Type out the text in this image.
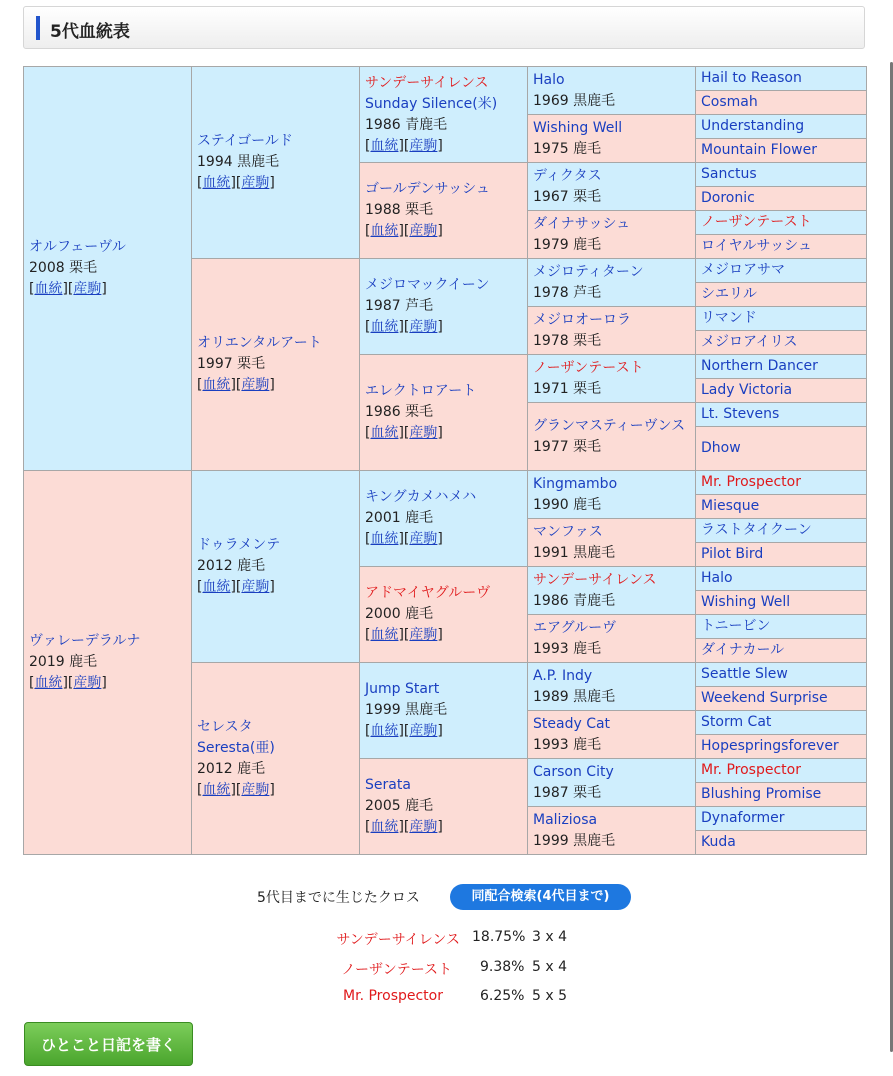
5代血統表
オルフェーヴル
2008 栗毛
[血統][産駒]	ステイゴールド
1994 黒鹿毛
[血統][産駒]	サンデーサイレンス
Sunday Silence(米)
1986 青鹿毛
[血統][産駒]	Halo
1969 黒鹿毛	Hail to Reason

				Cosmah

			Wishing Well
1975 鹿毛	Understanding

				Mountain Flower

		ゴールデンサッシュ
1988 栗毛
[血統][産駒]	ディクタス
1967 栗毛	Sanctus

				Doronic

			ダイナサッシュ
1979 鹿毛	ノーザンテースト

				ロイヤルサッシュ

	オリエンタルアート
1997 栗毛
[血統][産駒]	メジロマックイーン
1987 芦毛
[血統][産駒]	メジロティターン
1978 芦毛	メジロアサマ

				シエリル

			メジロオーロラ
1978 栗毛	リマンド

				メジロアイリス

		エレクトロアート
1986 栗毛
[血統][産駒]	ノーザンテースト
1971 栗毛	Northern Dancer

				Lady Victoria

			グランマスティーヴンス
1977 栗毛	Lt. Stevens

				Dhow

ヴァレーデラルナ
2019 鹿毛
[血統][産駒]	ドゥラメンテ
2012 鹿毛
[血統][産駒]	キングカメハメハ
2001 鹿毛
[血統][産駒]	Kingmambo
1990 鹿毛	Mr. Prospector

				Miesque

			マンファス
1991 黒鹿毛	ラストタイクーン

				Pilot Bird

		アドマイヤグルーヴ
2000 鹿毛
[血統][産駒]	サンデーサイレンス
1986 青鹿毛	Halo

				Wishing Well

			エアグルーヴ
1993 鹿毛	トニービン

				ダイナカール

	セレスタ
Seresta(亜)
2012 鹿毛
[血統][産駒]	Jump Start
1999 黒鹿毛
[血統][産駒]	A.P. Indy
1989 黒鹿毛	Seattle Slew

				Weekend Surprise

			Steady Cat
1993 鹿毛	Storm Cat

				Hopespringsforever

		Serata
2005 鹿毛
[血統][産駒]	Carson City
1987 栗毛	Mr. Prospector

				Blushing Promise

			Maliziosa
1999 黒鹿毛	Dynaformer

				Kuda
5代目までに生じたクロス	同配合検索(4代目まで)
サンデーサイレンス 18.75% 3 x 4
ノーザンテースト 9.38% 5 x 4
Mr. Prospector	6.25% 5 x 5
ひとこと日記を書く
